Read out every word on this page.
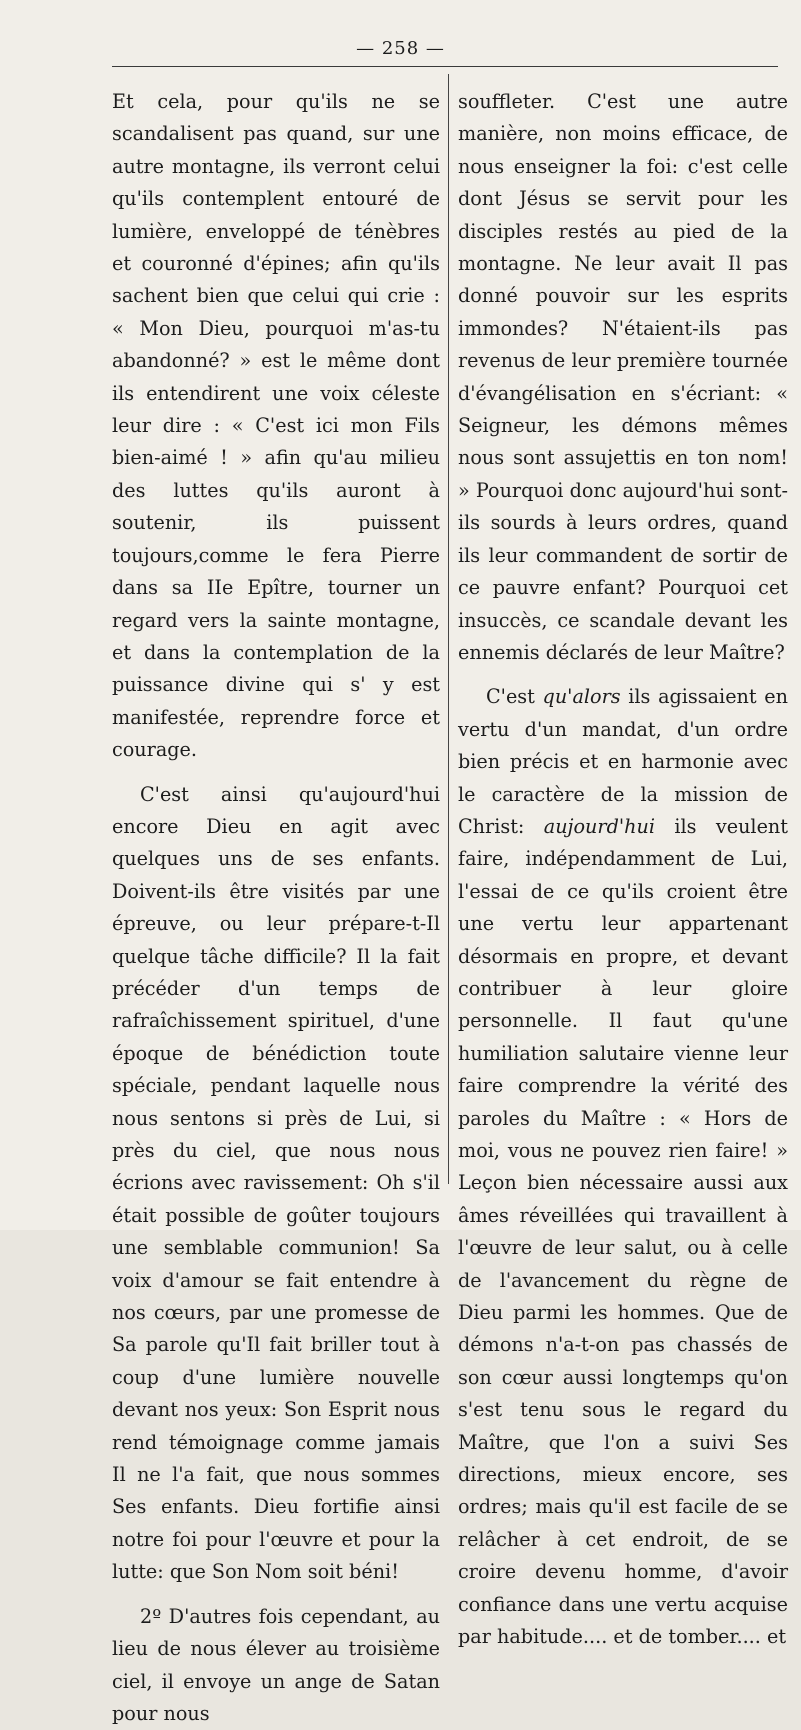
— 258 —

Et cela, pour qu'ils ne se scandalisent pas quand, sur une autre montagne, ils verront celui qu'ils contemplent entouré de lumière, enveloppé de ténèbres et couronné d'épines; afin qu'ils sachent bien que celui qui crie : « Mon Dieu, pourquoi m'as-tu abandonné? » est le même dont ils entendirent une voix céleste leur dire : « C'est ici mon Fils bien-aimé ! » afin qu'au milieu des luttes qu'ils auront à soutenir, ils puissent toujours,comme le fera Pierre dans sa IIe Epître, tourner un regard vers la sainte montagne, et dans la contemplation de la puissance divine qui s' y est manifestée, reprendre force et courage.

C'est ainsi qu'aujourd'hui encore Dieu en agit avec quelques uns de ses enfants. Doivent-ils être visités par une épreuve, ou leur prépare-t-Il quelque tâche difficile? Il la fait précéder d'un temps de rafraîchissement spirituel, d'une époque de bénédiction toute spéciale, pendant laquelle nous nous sentons si près de Lui, si près du ciel, que nous nous écrions avec ravissement: Oh s'il était possible de goûter toujours une semblable communion! Sa voix d'amour se fait entendre à nos cœurs, par une promesse de Sa parole qu'Il fait briller tout à coup d'une lumière nouvelle devant nos yeux: Son Esprit nous rend témoignage comme jamais Il ne l'a fait, que nous sommes Ses enfants. Dieu fortifie ainsi notre foi pour l'œuvre et pour la lutte: que Son Nom soit béni!

2º D'autres fois cependant, au lieu de nous élever au troisième ciel, il envoye un ange de Satan pour nous

souffleter. C'est une autre manière, non moins efficace, de nous enseigner la foi: c'est celle dont Jésus se servit pour les disciples restés au pied de la montagne. Ne leur avait Il pas donné pouvoir sur les esprits immondes? N'étaient-ils pas revenus de leur première tournée d'évangélisation en s'écriant: « Seigneur, les démons mêmes nous sont assujettis en ton nom! » Pourquoi donc aujourd'hui sont-ils sourds à leurs ordres, quand ils leur commandent de sortir de ce pauvre enfant? Pourquoi cet insuccès, ce scandale devant les ennemis déclarés de leur Maître?

C'est qu'alors ils agissaient en vertu d'un mandat, d'un ordre bien précis et en harmonie avec le caractère de la mission de Christ: aujourd'hui ils veulent faire, indépendamment de Lui, l'essai de ce qu'ils croient être une vertu leur appartenant désormais en propre, et devant contribuer à leur gloire personnelle. Il faut qu'une humiliation salutaire vienne leur faire comprendre la vérité des paroles du Maître : « Hors de moi, vous ne pouvez rien faire! » Leçon bien nécessaire aussi aux âmes réveillées qui travaillent à l'œuvre de leur salut, ou à celle de l'avancement du règne de Dieu parmi les hommes. Que de démons n'a-t-on pas chassés de son cœur aussi longtemps qu'on s'est tenu sous le regard du Maître, que l'on a suivi Ses directions, mieux encore, ses ordres; mais qu'il est facile de se relâcher à cet endroit, de se croire devenu homme, d'avoir confiance dans une vertu acquise par habitude.... et de tomber.... et
